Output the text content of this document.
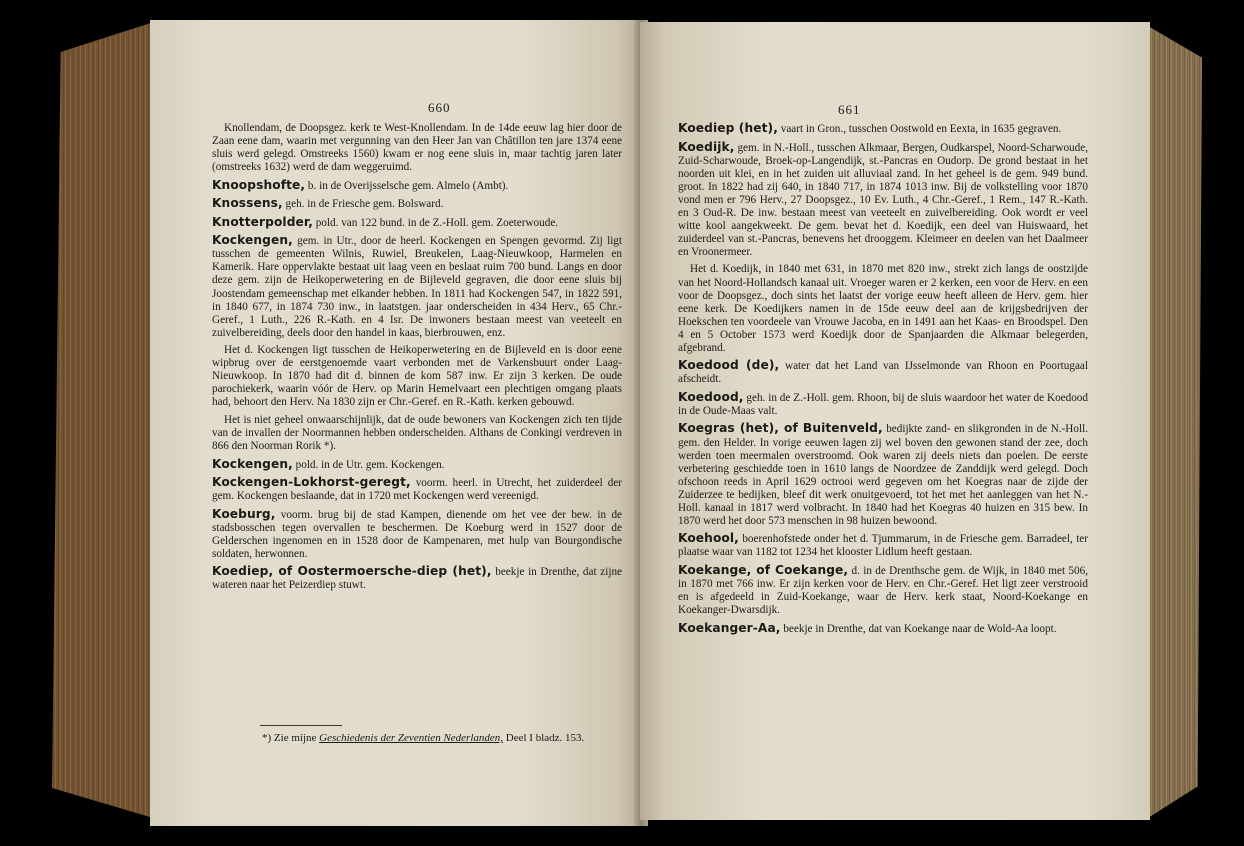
660

Knollendam, de Doopsgez. kerk te West-Knollendam. In de 14de eeuw lag hier door de Zaan eene dam, waarin met vergunning van den Heer Jan van Châtillon ten jare 1374 eene sluis werd gelegd. Omstreeks 1560) kwam er nog eene sluis in, maar tachtig jaren later (omstreeks 1632) werd de dam weggeruimd.

Knoopshofte, b. in de Overijsselsche gem. Almelo (Ambt).

Knossens, geh. in de Friesche gem. Bolsward.

Knotterpolder, pold. van 122 bund. in de Z.-Holl. gem. Zoeterwoude.

Kockengen, gem. in Utr., door de heerl. Kockengen en Spengen gevormd. Zij ligt tusschen de gemeenten Wilnis, Ruwiel, Breukelen, Laag-Nieuwkoop, Harmelen en Kamerik. Hare oppervlakte bestaat uit laag veen en beslaat ruim 700 bund. Langs en door deze gem. zijn de Heikoperwetering en de Bijleveld gegraven, die door eene sluis bij Joostendam gemeenschap met elkander hebben. In 1811 had Kockengen 547, in 1822 591, in 1840 677, in 1874 730 inw., in laatstgen. jaar onderscheiden in 434 Herv., 65 Chr.-Geref., 1 Luth., 226 R.-Kath. en 4 Isr. De inwoners bestaan meest van veeteelt en zuivelbereiding, deels door den handel in kaas, bierbrouwen, enz.

Het d. Kockengen ligt tusschen de Heikoperwetering en de Bijleveld en is door eene wipbrug over de eerstgenoemde vaart verbonden met de Varkensbuurt onder Laag-Nieuwkoop. In 1870 had dit d. binnen de kom 587 inw. Er zijn 3 kerken. De oude parochiekerk, waarin vóór de Herv. op Marin Hemelvaart een plechtigen omgang plaats had, behoort den Herv. Na 1830 zijn er Chr.-Geref. en R.-Kath. kerken gebouwd.

Het is niet geheel onwaarschijnlijk, dat de oude bewoners van Kockengen zich ten tijde van de invallen der Noormannen hebben onderscheiden. Althans de Conkingi verdreven in 866 den Noorman Rorik *).

Kockengen, pold. in de Utr. gem. Kockengen.

Kockengen-Lokhorst-geregt, voorm. heerl. in Utrecht, het zuiderdeel der gem. Kockengen beslaande, dat in 1720 met Kockengen werd vereenigd.

Koeburg, voorm. brug bij de stad Kampen, dienende om het vee der bew. in de stadsbosschen tegen overvallen te beschermen. De Koeburg werd in 1527 door de Gelderschen ingenomen en in 1528 door de Kampenaren, met hulp van Bourgondische soldaten, herwonnen.

Koediep, of Oostermoersche-diep (het), beekje in Drenthe, dat zijne wateren naar het Peizerdiep stuwt.

*) Zie mijne Geschiedenis der Zeventien Nederlanden, Deel I bladz. 153.
661

Koediep (het), vaart in Gron., tusschen Oostwold en Eexta, in 1635 gegraven.

Koedijk, gem. in N.-Holl., tusschen Alkmaar, Bergen, Oudkarspel, Noord-Scharwoude, Zuid-Scharwoude, Broek-op-Langendijk, st.-Pancras en Oudorp. De grond bestaat in het noorden uit klei, en in het zuiden uit alluviaal zand. In het geheel is de gem. 949 bund. groot. In 1822 had zij 640, in 1840 717, in 1874 1013 inw. Bij de volkstelling voor 1870 vond men er 796 Herv., 27 Doopsgez., 10 Ev. Luth., 4 Chr.-Geref., 1 Rem., 147 R.-Kath. en 3 Oud-R. De inw. bestaan meest van veeteelt en zuivelbereiding. Ook wordt er veel witte kool aangekweekt. De gem. bevat het d. Koedijk, een deel van Huiswaard, het zuiderdeel van st.-Pancras, benevens het drooggem. Kleimeer en deelen van het Daalmeer en Vroonermeer.

Het d. Koedijk, in 1840 met 631, in 1870 met 820 inw., strekt zich langs de oostzijde van het Noord-Hollandsch kanaal uit. Vroeger waren er 2 kerken, een voor de Herv. en een voor de Doopsgez., doch sints het laatst der vorige eeuw heeft alleen de Herv. gem. hier eene kerk. De Koedijkers namen in de 15de eeuw deel aan de krijgsbedrijven der Hoekschen ten voordeele van Vrouwe Jacoba, en in 1491 aan het Kaas- en Broodspel. Den 4 en 5 October 1573 werd Koedijk door de Spanjaarden die Alkmaar belegerden, afgebrand.

Koedood (de), water dat het Land van IJsselmonde van Rhoon en Poortugaal afscheidt.

Koedood, geh. in de Z.-Holl. gem. Rhoon, bij de sluis waardoor het water de Koedood in de Oude-Maas valt.

Koegras (het), of Buitenveld, bedijkte zand- en slikgronden in de N.-Holl. gem. den Helder. In vorige eeuwen lagen zij wel boven den gewonen stand der zee, doch werden toen meermalen overstroomd. Ook waren zij deels niets dan poelen. De eerste verbetering geschiedde toen in 1610 langs de Noordzee de Zanddijk werd gelegd. Doch ofschoon reeds in April 1629 octrooi werd gegeven om het Koegras naar de zijde der Zuiderzee te bedijken, bleef dit werk onuitgevoerd, tot het met het aanleggen van het N.-Holl. kanaal in 1817 werd volbracht. In 1840 had het Koegras 40 huizen en 315 bew. In 1870 werd het door 573 menschen in 98 huizen bewoond.

Koehool, boerenhofstede onder het d. Tjummarum, in de Friesche gem. Barradeel, ter plaatse waar van 1182 tot 1234 het klooster Lidlum heeft gestaan.

Koekange, of Coekange, d. in de Drenthsche gem. de Wijk, in 1840 met 506, in 1870 met 766 inw. Er zijn kerken voor de Herv. en Chr.-Geref. Het ligt zeer verstrooid en is afgedeeld in Zuid-Koekange, waar de Herv. kerk staat, Noord-Koekange en Koekanger-Dwarsdijk.

Koekanger-Aa, beekje in Drenthe, dat van Koekange naar de Wold-Aa loopt.
